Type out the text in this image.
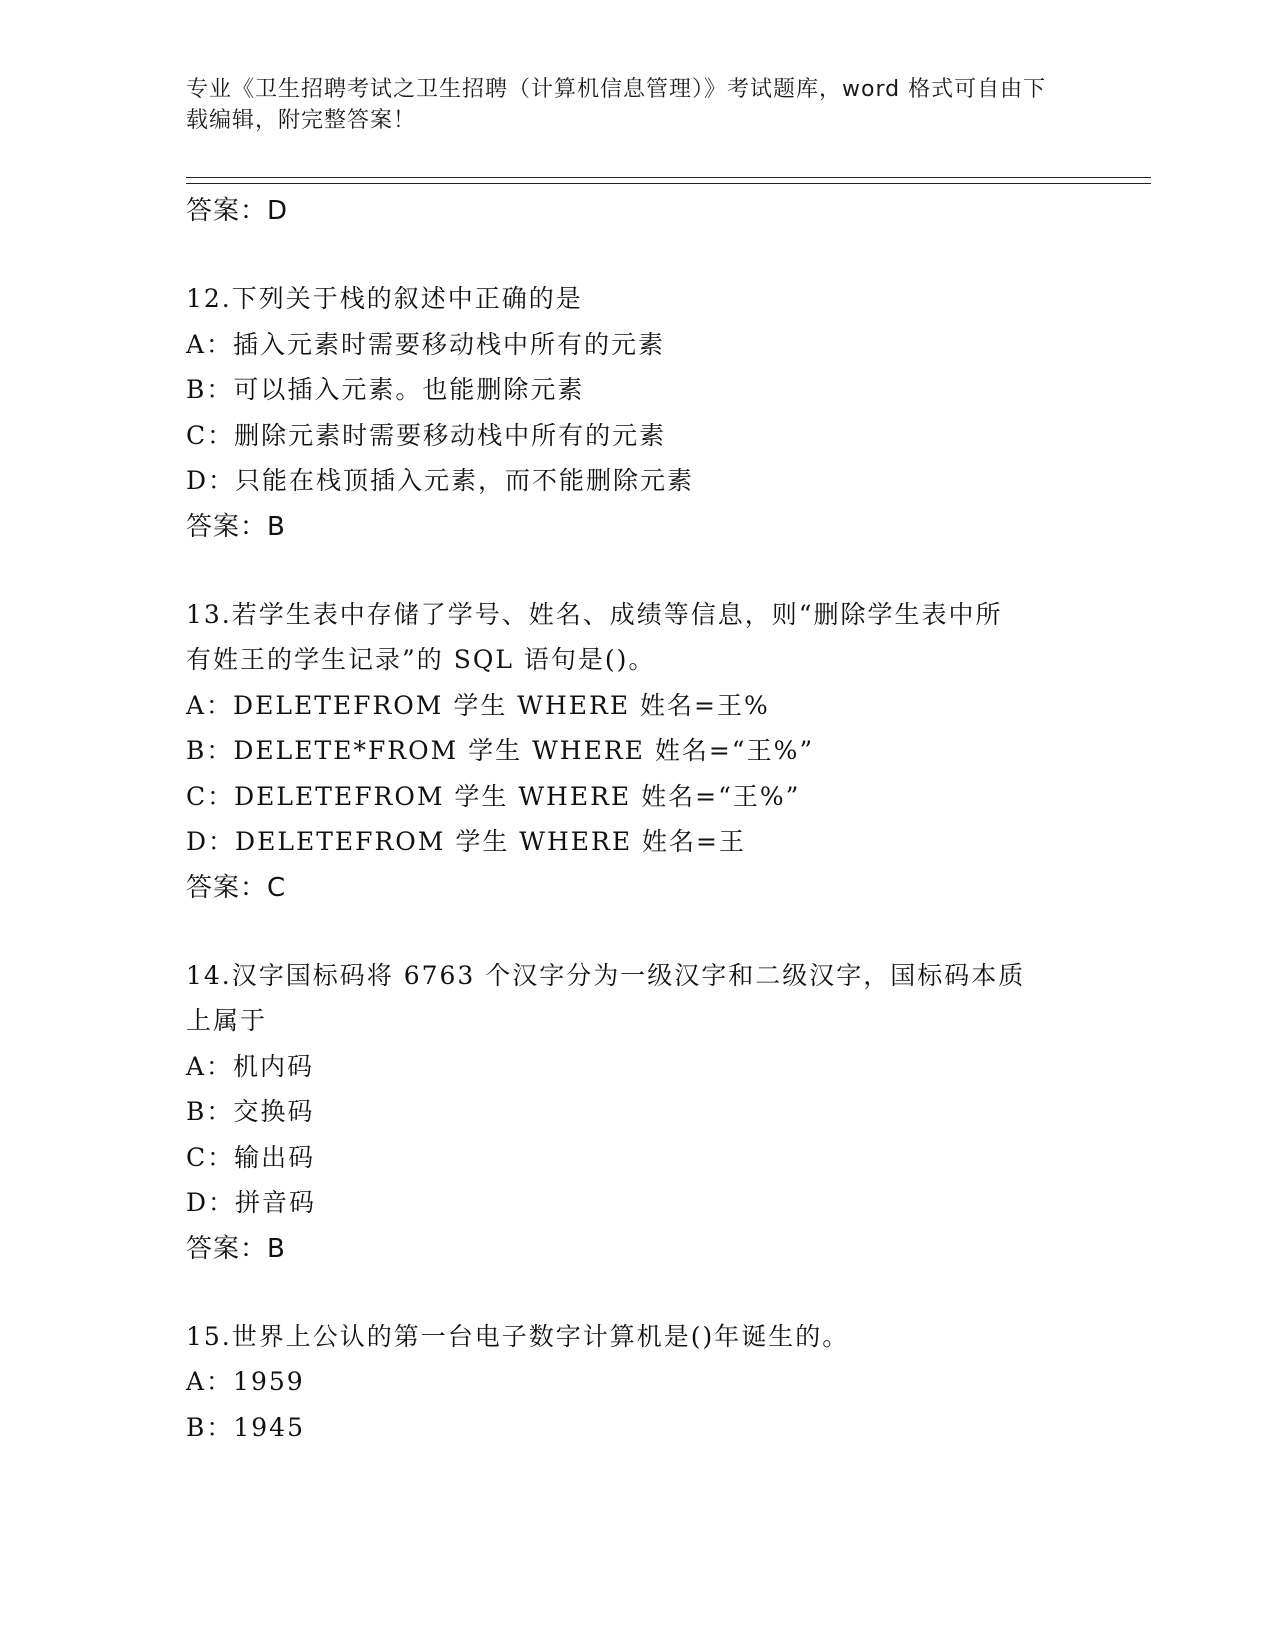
专业《卫生招聘考试之卫生招聘（计算机信息管理）》考试题库，word 格式可自由下载编辑，附完整答案！
答案：D
12.下列关于栈的叙述中正确的是
A：插入元素时需要移动栈中所有的元素
B：可以插入元素。也能删除元素
C：删除元素时需要移动栈中所有的元素
D：只能在栈顶插入元素，而不能删除元素
答案：B
13.若学生表中存储了学号、姓名、成绩等信息，则“删除学生表中所
有姓王的学生记录”的 SQL 语句是()。
A：DELETEFROM 学生 WHERE 姓名=王%
B：DELETE*FROM 学生 WHERE 姓名=“王%”
C：DELETEFROM 学生 WHERE 姓名=“王%”
D：DELETEFROM 学生 WHERE 姓名=王
答案：C
14.汉字国标码将 6763 个汉字分为一级汉字和二级汉字，国标码本质
上属于
A：机内码
B：交换码
C：输出码
D：拼音码
答案：B
15.世界上公认的第一台电子数字计算机是()年诞生的。
A：1959
B：1945
